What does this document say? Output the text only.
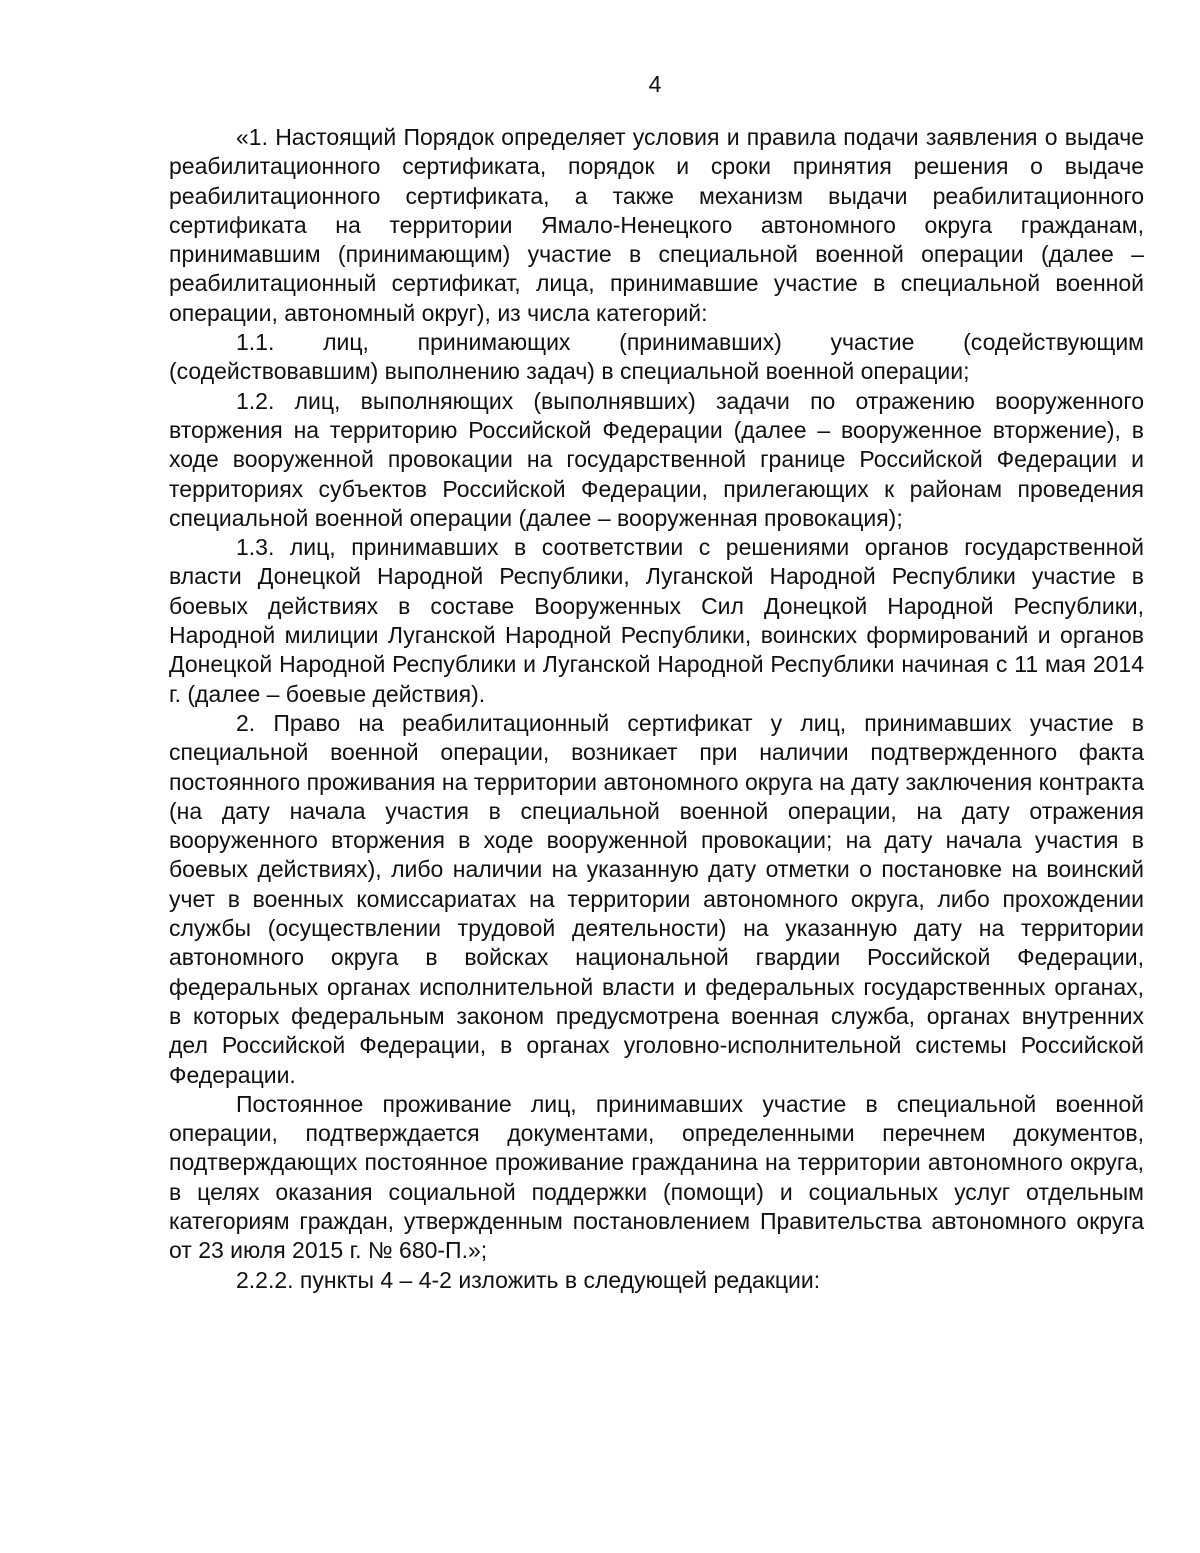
4

«1. Настоящий Порядок определяет условия и правила подачи заявления о выдаче реабилитационного сертификата, порядок и сроки принятия решения о выдаче реабилитационного сертификата, а также механизм выдачи реабилитационного сертификата на территории Ямало-Ненецкого автономного округа гражданам, принимавшим (принимающим) участие в специальной военной операции (далее – реабилитационный сертификат, лица, принимавшие участие в специальной военной операции, автономный округ), из числа категорий:

1.1. лиц, принимающих (принимавших) участие (содействующим (содействовавшим) выполнению задач) в специальной военной операции;

1.2. лиц, выполняющих (выполнявших) задачи по отражению вооруженного вторжения на территорию Российской Федерации (далее – вооруженное вторжение), в ходе вооруженной провокации на государственной границе Российской Федерации и территориях субъектов Российской Федерации, прилегающих к районам проведения специальной военной операции (далее – вооруженная провокация);

1.3. лиц, принимавших в соответствии с решениями органов государственной власти Донецкой Народной Республики, Луганской Народной Республики участие в боевых действиях в составе Вооруженных Сил Донецкой Народной Республики, Народной милиции Луганской Народной Республики, воинских формирований и органов Донецкой Народной Республики и Луганской Народной Республики начиная с 11 мая 2014 г. (далее – боевые действия).

2. Право на реабилитационный сертификат у лиц, принимавших участие в специальной военной операции, возникает при наличии подтвержденного факта постоянного проживания на территории автономного округа на дату заключения контракта (на дату начала участия в специальной военной операции, на дату отражения вооруженного вторжения в ходе вооруженной провокации; на дату начала участия в боевых действиях), либо наличии на указанную дату отметки о постановке на воинский учет в военных комиссариатах на территории автономного округа, либо прохождении службы (осуществлении трудовой деятельности) на указанную дату на территории автономного округа в войсках национальной гвардии Российской Федерации, федеральных органах исполнительной власти и федеральных государственных органах, в которых федеральным законом предусмотрена военная служба, органах внутренних дел Российской Федерации, в органах уголовно-исполнительной системы Российской Федерации.

Постоянное проживание лиц, принимавших участие в специальной военной операции, подтверждается документами, определенными перечнем документов, подтверждающих постоянное проживание гражданина на территории автономного округа, в целях оказания социальной поддержки (помощи) и социальных услуг отдельным категориям граждан, утвержденным постановлением Правительства автономного округа от 23 июля 2015 г. № 680-П.»;

2.2.2. пункты 4 – 4-2 изложить в следующей редакции:
